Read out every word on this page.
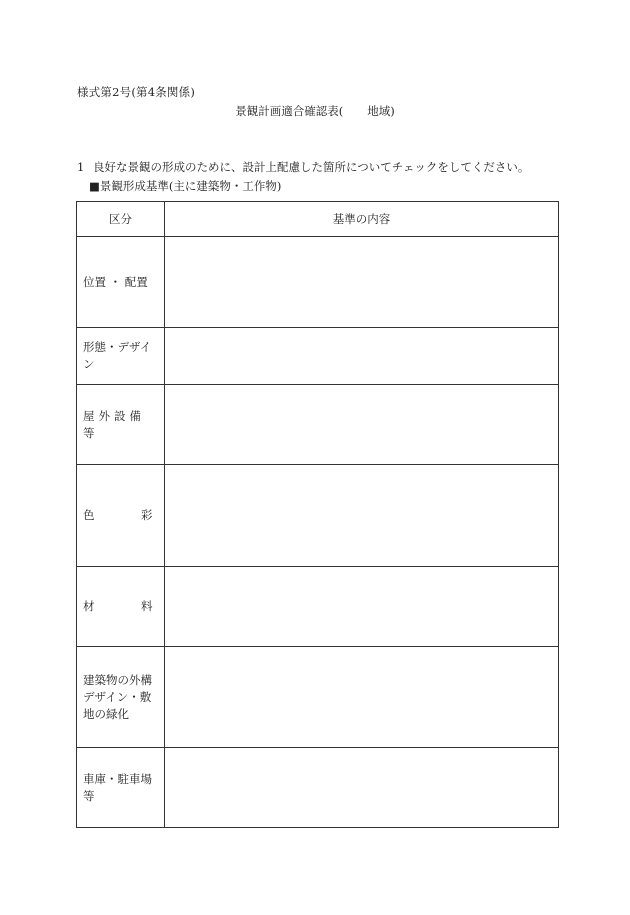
様式第2号(第4条関係)
景観計画適合確認表( 地域)
1 良好な景観の形成のために、設計上配慮した箇所についてチェックをしてください。
■景観形成基準(主に建築物・工作物)
区分	基準の内容
位置 ・ 配置	
形態・デザイン	
屋外設備等	
色　　　彩	
材　　　料	
建築物の外構デザイン・敷地の緑化	
車庫・駐車場等	
